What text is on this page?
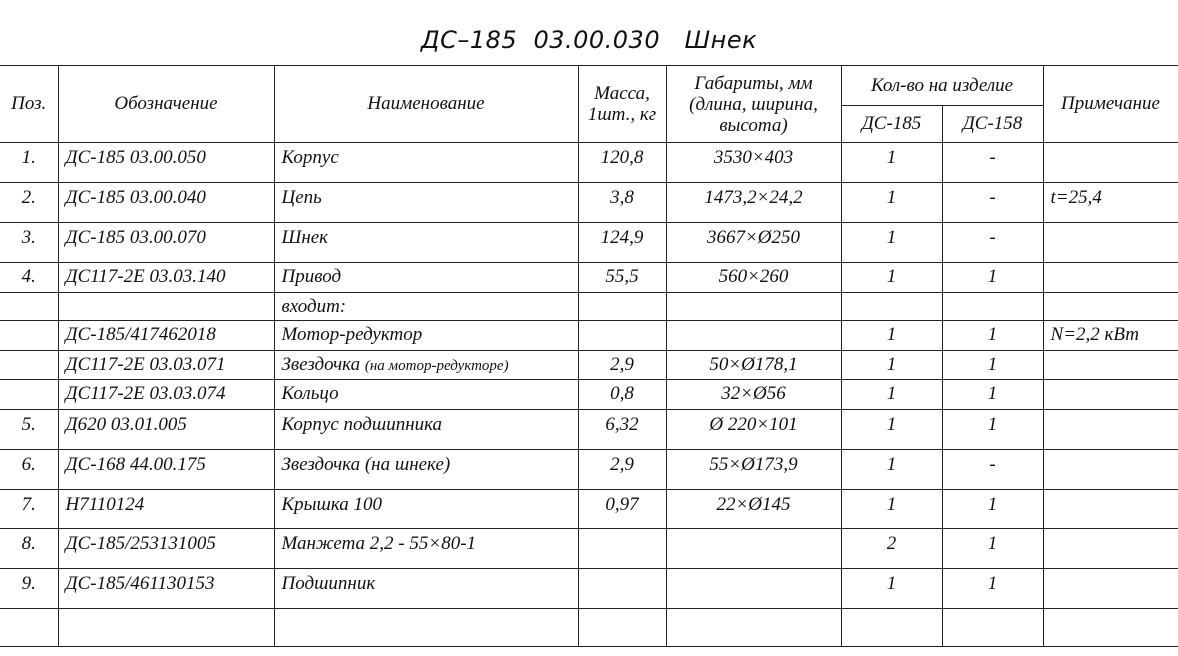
ДС–185  03.00.030   Шнек
Поз.	Обозначение	Наименование	Масса, 1шт., кг	Габариты, мм (длина, ширина, высота)	Кол-во на изделие		Примечание
					ДС-185	ДС-158	
1.	ДС-185 03.00.050	Корпус	120,8	3530×403	1	-	
2.	ДС-185 03.00.040	Цепь	3,8	1473,2×24,2	1	-	t=25,4
3.	ДС-185 03.00.070	Шнек	124,9	3667×Ø250	1	-	
4.	ДС117-2Е 03.03.140	Привод	55,5	560×260	1	1	
		входит:					
	ДС-185/417462018	Мотор-редуктор			1	1	N=2,2 кВт
	ДС117-2Е 03.03.071	Звездочка (на мотор-редукторе)	2,9	50×Ø178,1	1	1	
	ДС117-2Е 03.03.074	Кольцо	0,8	32×Ø56	1	1	
5.	Д620 03.01.005	Корпус подшипника	6,32	Ø 220×101	1	1	
6.	ДС-168 44.00.175	Звездочка (на шнеке)	2,9	55×Ø173,9	1	-	
7.	Н7110124	Крышка 100	0,97	22×Ø145	1	1	
8.	ДС-185/253131005	Манжета 2,2 - 55×80-1			2	1	
9.	ДС-185/461130153	Подшипник			1	1	
